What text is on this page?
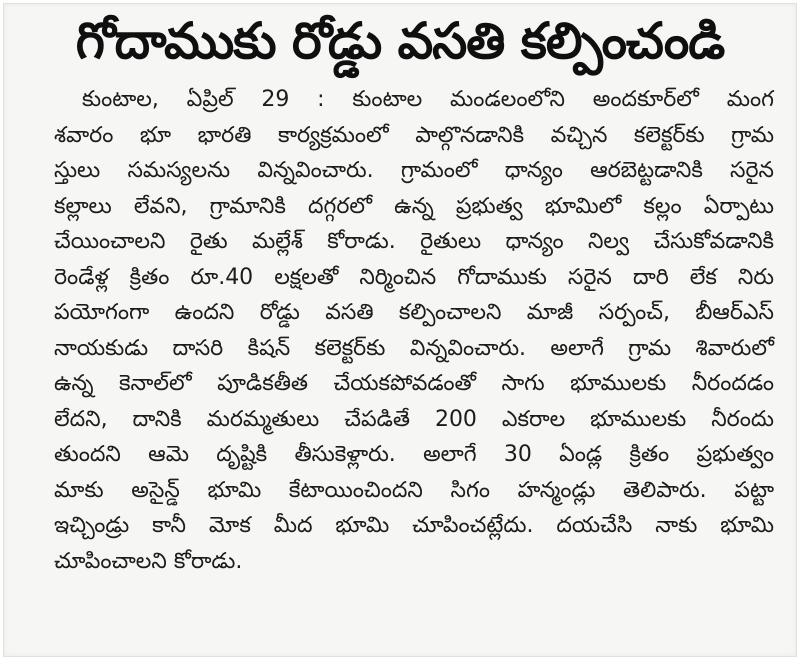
గోదాముకు రోడ్డు వసతి కల్పించండి
కుంటాల, ఏప్రిల్ 29 : కుంటాల మండలంలోని అందకూర్‌లో మంగ
శవారం భూ భారతి కార్యక్రమంలో పాల్గొనడానికి వచ్చిన కలెక్టర్‌కు గ్రామ
స్తులు సమస్యలను విన్నవించారు. గ్రామంలో ధాన్యం ఆరబెట్టడానికి సరైన
కల్లాలు లేవని, గ్రామానికి దగ్గరలో ఉన్న ప్రభుత్వ భూమిలో కల్లం ఏర్పాటు
చేయించాలని రైతు మల్లేశ్ కోరాడు. రైతులు ధాన్యం నిల్వ చేసుకోవడానికి
రెండేళ్ల క్రితం రూ.40 లక్షలతో నిర్మించిన గోదాముకు సరైన దారి లేక నిరు
పయోగంగా ఉందని రోడ్డు వసతి కల్పించాలని మాజీ సర్పంచ్, బీఆర్ఎస్
నాయకుడు దాసరి కిషన్ కలెక్టర్‌కు విన్నవించారు. అలాగే గ్రామ శివారులో
ఉన్న కెనాల్‌లో పూడికతీత చేయకపోవడంతో సాగు భూములకు నీరందడం
లేదని, దానికి మరమ్మతులు చేపడితే 200 ఎకరాల భూములకు నీరందు
తుందని ఆమె దృష్టికి తీసుకెళ్లారు. అలాగే 30 ఏండ్ల క్రితం ప్రభుత్వం
మాకు అసైన్డ్ భూమి కేటాయించిందని సిగం హన్మండ్లు తెలిపారు. పట్టా
ఇచ్చిండ్రు కానీ మోక మీద భూమి చూపించట్లేదు. దయచేసి నాకు భూమి
చూపించాలని కోరాడు.
